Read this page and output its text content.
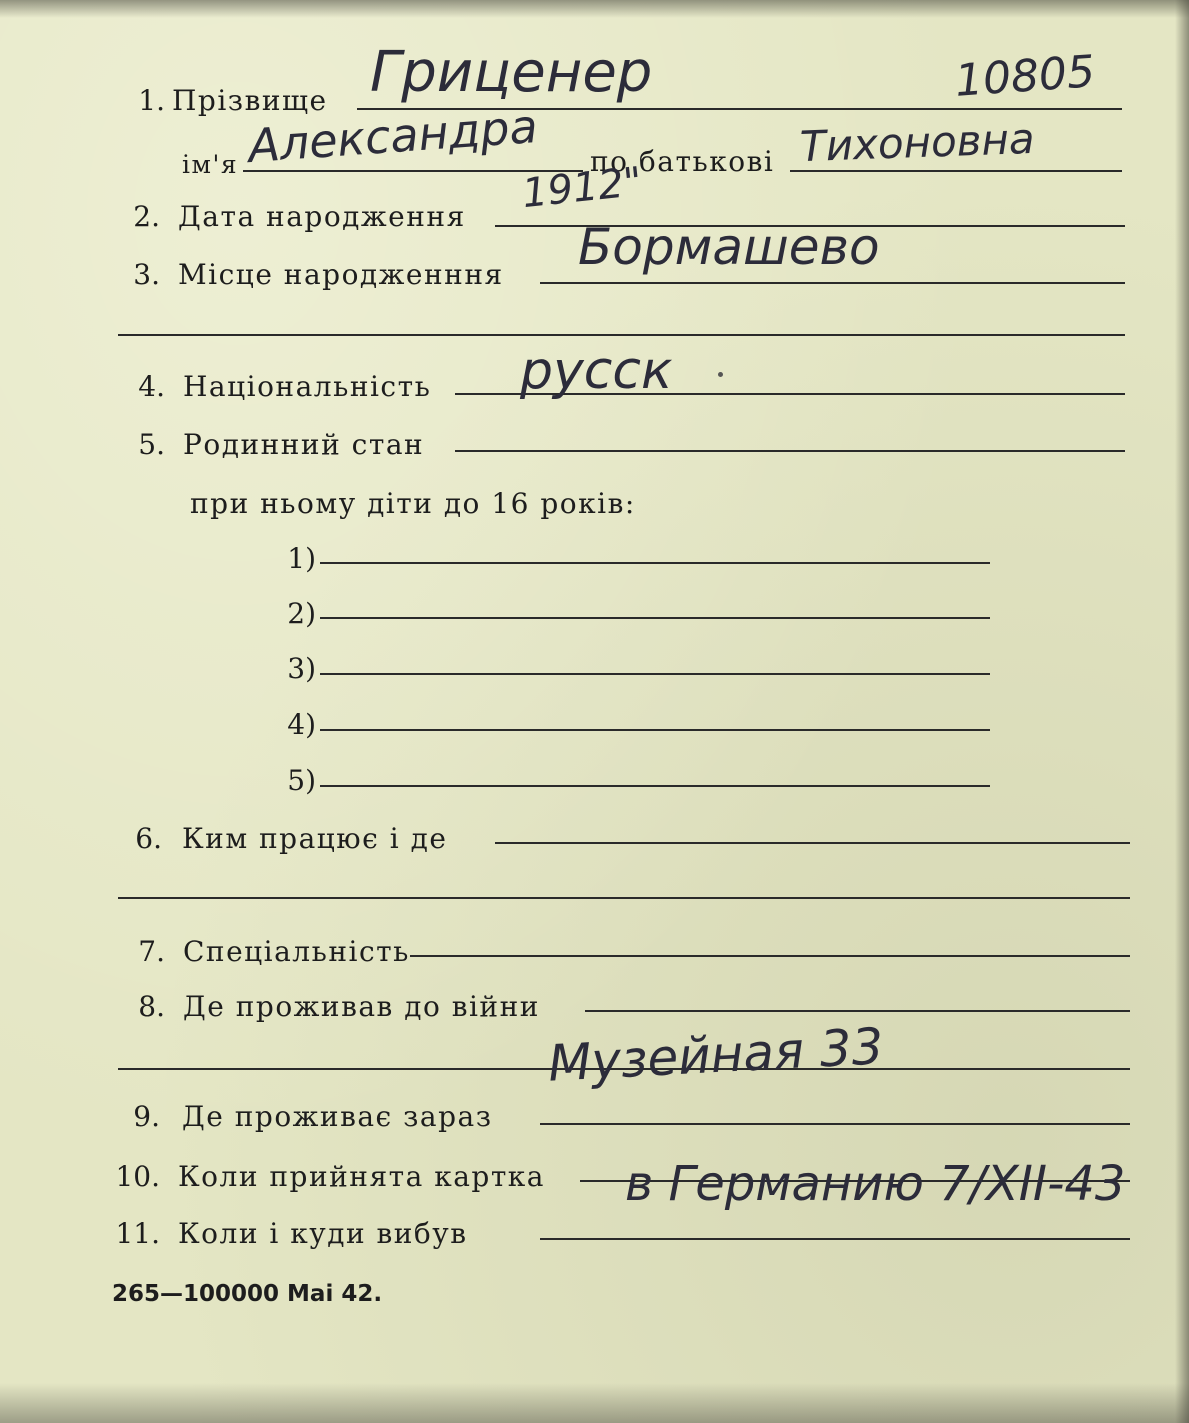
10805
1. Прізвище Гриценер
ім'я Александра по батькові Тихоновна
2. Дата народження 1912"
3. Місце народженння Бормашево
4. Національність русск
5. Родинний стан
при ньому діти до 16 років:
1)
2)
3)
4)
5)
6. Ким працює і де
7. Спеціальність
8. Де проживав до війни
Музейная 33
9. Де проживає зараз
10. Коли прийнята картка в Германию 7/XII-43
11. Коли і куди вибув
265—100000 Mai 42.
